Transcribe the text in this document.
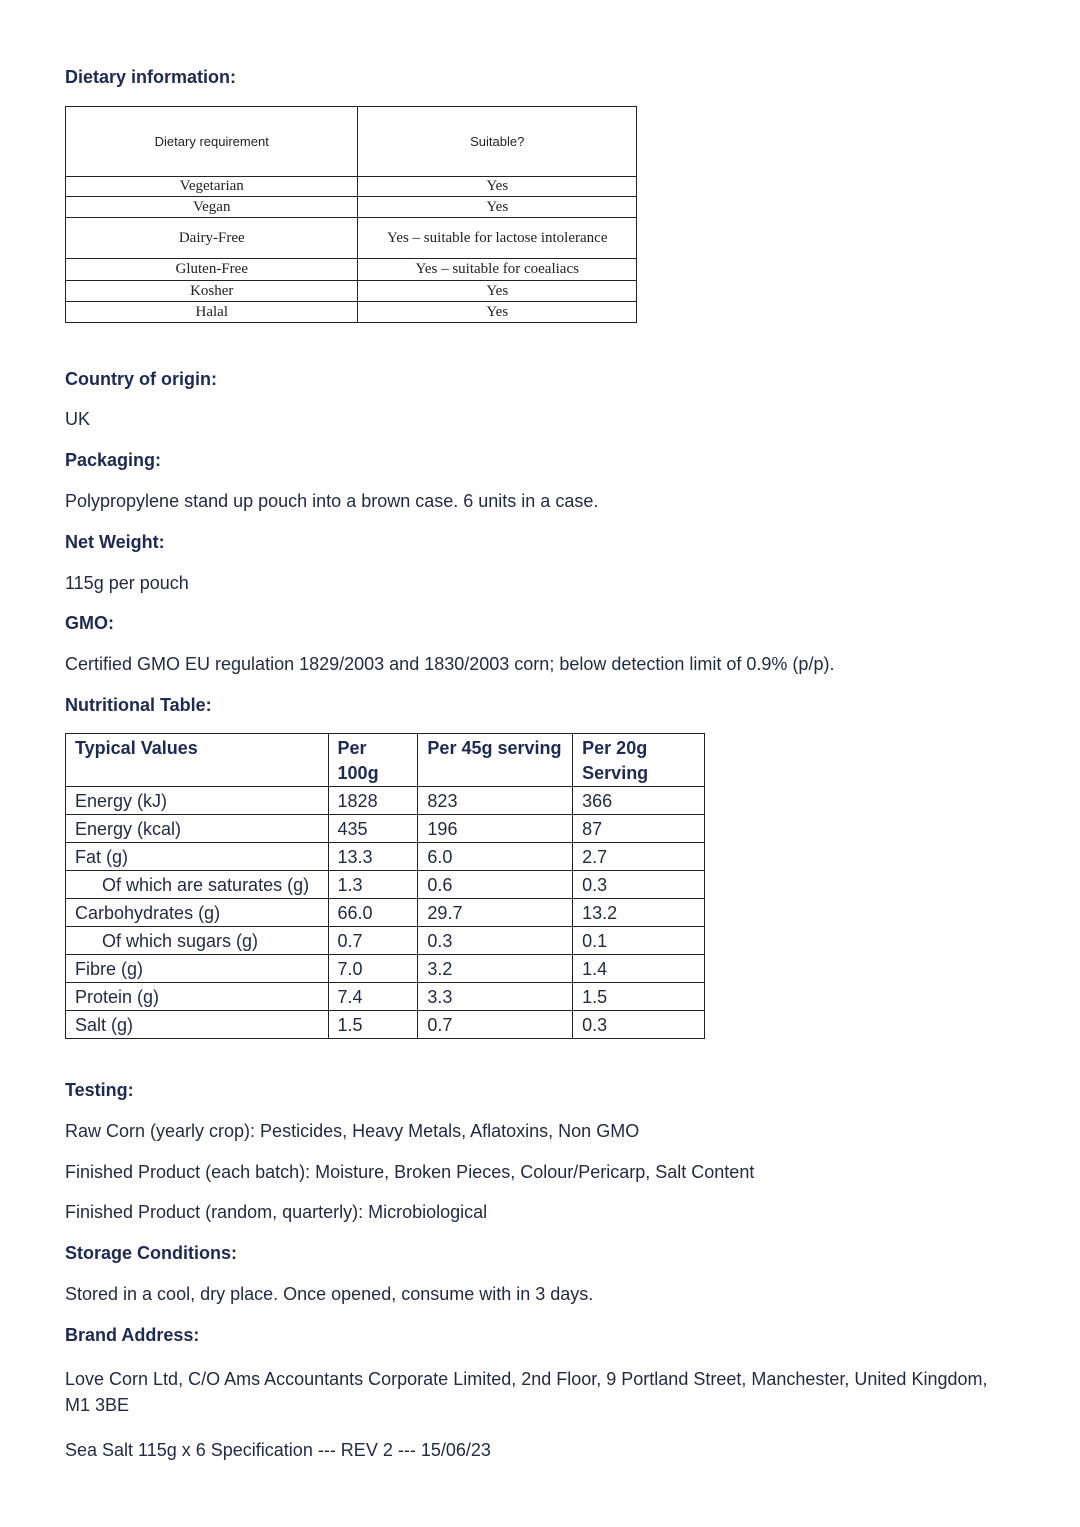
Dietary information:
Dietary requirement	Suitable?
Vegetarian	Yes
Vegan	Yes
Dairy-Free	Yes – suitable for lactose intolerance
Gluten-Free	Yes – suitable for coealiacs
Kosher	Yes
Halal	Yes
Country of origin:
UK
Packaging:
Polypropylene stand up pouch into a brown case. 6 units in a case.
Net Weight:
115g per pouch
GMO:
Certified GMO EU regulation 1829/2003 and 1830/2003 corn; below detection limit of 0.9% (p/p).
Nutritional Table:
Typical Values	Per 100g	Per 45g serving	Per 20g Serving
Energy (kJ)	1828	823	366
Energy (kcal)	435	196	87
Fat (g)	13.3	6.0	2.7
Of which are saturates (g)	1.3	0.6	0.3
Carbohydrates (g)	66.0	29.7	13.2
Of which sugars (g)	0.7	0.3	0.1
Fibre (g)	7.0	3.2	1.4
Protein (g)	7.4	3.3	1.5
Salt (g)	1.5	0.7	0.3
Testing:
Raw Corn (yearly crop): Pesticides, Heavy Metals, Aflatoxins, Non GMO
Finished Product (each batch): Moisture, Broken Pieces, Colour/Pericarp, Salt Content
Finished Product (random, quarterly): Microbiological
Storage Conditions:
Stored in a cool, dry place. Once opened, consume with in 3 days.
Brand Address:
Love Corn Ltd, C/O Ams Accountants Corporate Limited, 2nd Floor, 9 Portland Street, Manchester, United Kingdom, M1 3BE
Sea Salt 115g x 6 Specification --- REV 2 --- 15/06/23
